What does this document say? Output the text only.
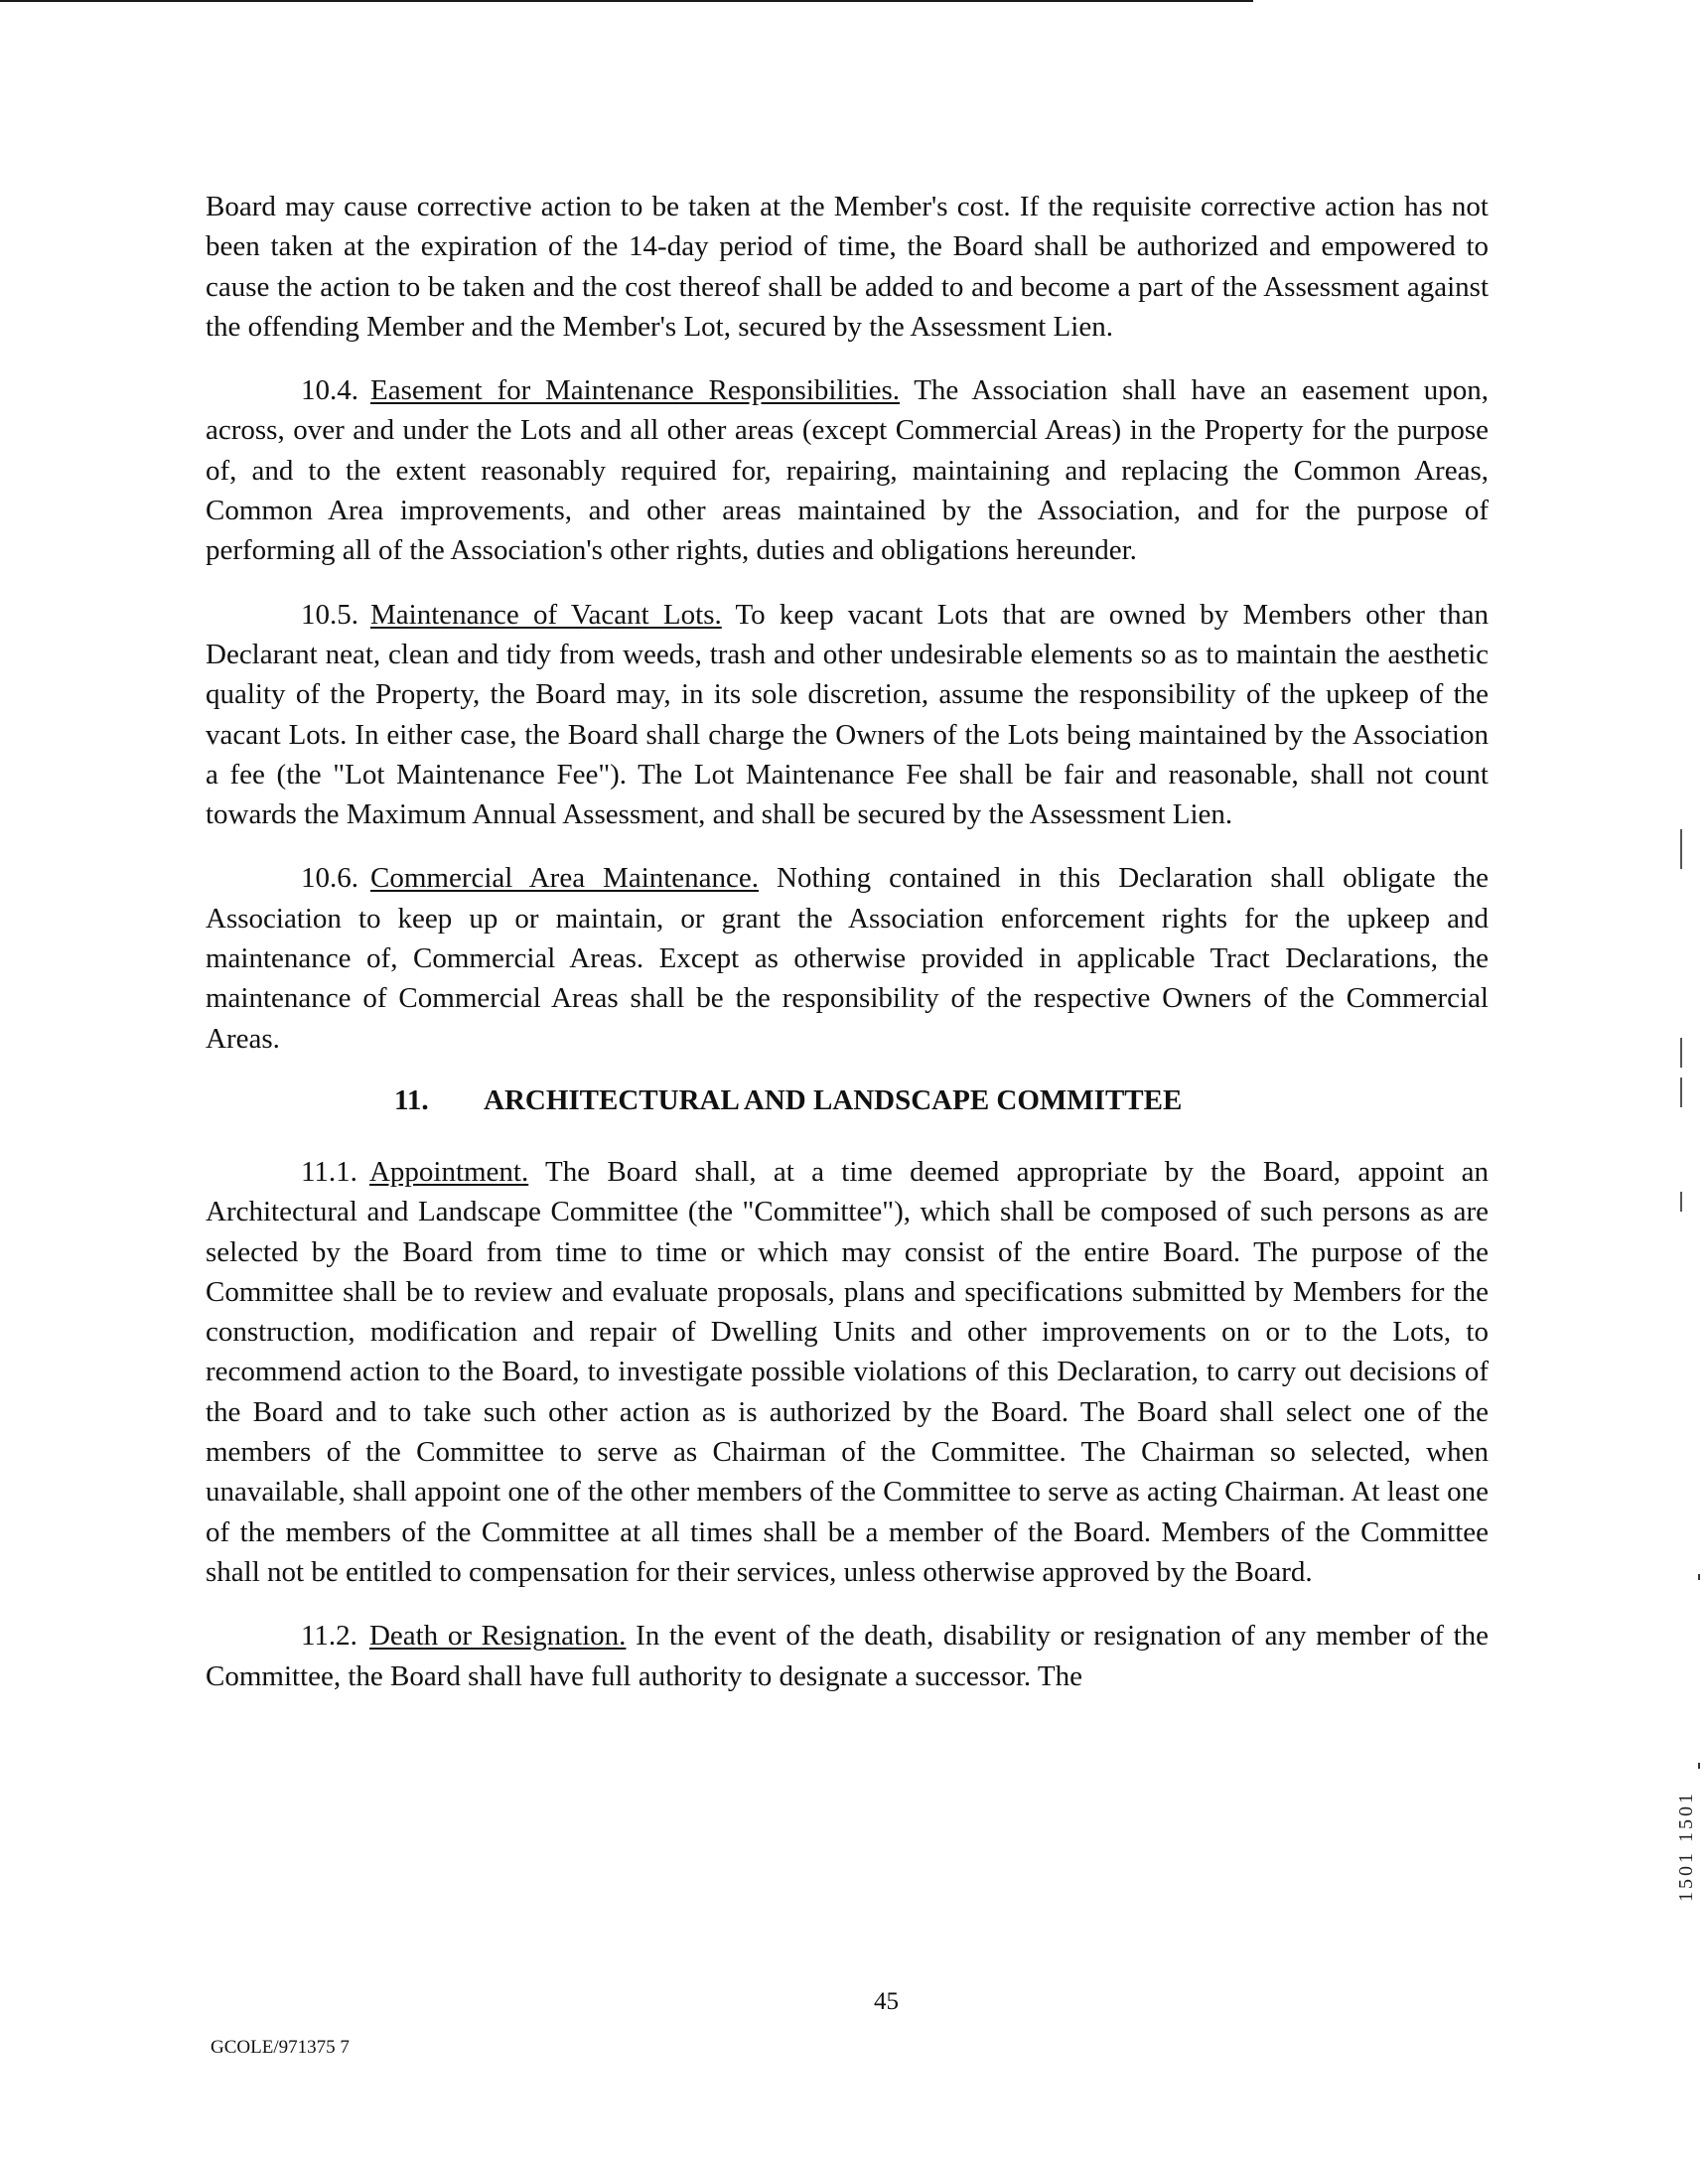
Board may cause corrective action to be taken at the Member's cost. If the requisite corrective action has not been taken at the expiration of the 14-day period of time, the Board shall be authorized and empowered to cause the action to be taken and the cost thereof shall be added to and become a part of the Assessment against the offending Member and the Member's Lot, secured by the Assessment Lien.

10.4. Easement for Maintenance Responsibilities. The Association shall have an easement upon, across, over and under the Lots and all other areas (except Commercial Areas) in the Property for the purpose of, and to the extent reasonably required for, repairing, maintaining and replacing the Common Areas, Common Area improvements, and other areas maintained by the Association, and for the purpose of performing all of the Association's other rights, duties and obligations hereunder.

10.5. Maintenance of Vacant Lots. To keep vacant Lots that are owned by Members other than Declarant neat, clean and tidy from weeds, trash and other undesirable elements so as to maintain the aesthetic quality of the Property, the Board may, in its sole discretion, assume the responsibility of the upkeep of the vacant Lots. In either case, the Board shall charge the Owners of the Lots being maintained by the Association a fee (the "Lot Maintenance Fee"). The Lot Maintenance Fee shall be fair and reasonable, shall not count towards the Maximum Annual Assessment, and shall be secured by the Assessment Lien.

10.6. Commercial Area Maintenance. Nothing contained in this Declaration shall obligate the Association to keep up or maintain, or grant the Association enforcement rights for the upkeep and maintenance of, Commercial Areas. Except as otherwise provided in applicable Tract Declarations, the maintenance of Commercial Areas shall be the responsibility of the respective Owners of the Commercial Areas.

11. ARCHITECTURAL AND LANDSCAPE COMMITTEE

11.1. Appointment. The Board shall, at a time deemed appropriate by the Board, appoint an Architectural and Landscape Committee (the "Committee"), which shall be composed of such persons as are selected by the Board from time to time or which may consist of the entire Board. The purpose of the Committee shall be to review and evaluate proposals, plans and specifications submitted by Members for the construction, modification and repair of Dwelling Units and other improvements on or to the Lots, to recommend action to the Board, to investigate possible violations of this Declaration, to carry out decisions of the Board and to take such other action as is authorized by the Board. The Board shall select one of the members of the Committee to serve as Chairman of the Committee. The Chairman so selected, when unavailable, shall appoint one of the other members of the Committee to serve as acting Chairman. At least one of the members of the Committee at all times shall be a member of the Board. Members of the Committee shall not be entitled to compensation for their services, unless otherwise approved by the Board.

11.2. Death or Resignation. In the event of the death, disability or resignation of any member of the Committee, the Board shall have full authority to designate a successor. The

45
GCOLE/971375 7
1501 1501
